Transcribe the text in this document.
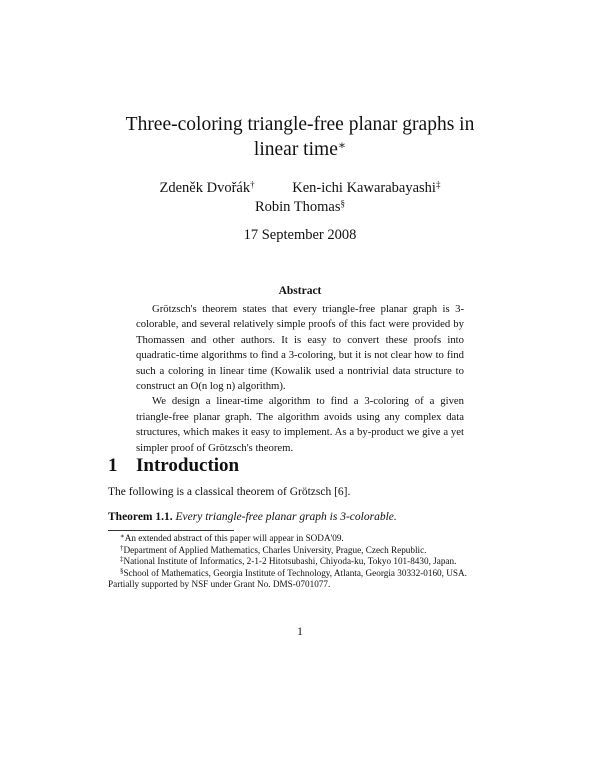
Three-coloring triangle-free planar graphs in
linear time∗
Zdeněk Dvořák†	Ken-ichi Kawarabayashi‡
Robin Thomas§
17 September 2008
Abstract

Grötzsch's theorem states that every triangle-free planar graph is 3-colorable, and several relatively simple proofs of this fact were provided by Thomassen and other authors. It is easy to convert these proofs into quadratic-time algorithms to find a 3-coloring, but it is not clear how to find such a coloring in linear time (Kowalik used a nontrivial data structure to construct an O(n log n) algorithm).

We design a linear-time algorithm to find a 3-coloring of a given triangle-free planar graph. The algorithm avoids using any complex data structures, which makes it easy to implement. As a by-product we give a yet simpler proof of Grötzsch's theorem.

1 Introduction
The following is a classical theorem of Grötzsch [6].
Theorem 1.1. Every triangle-free planar graph is 3-colorable.

∗An extended abstract of this paper will appear in SODA'09.

†Department of Applied Mathematics, Charles University, Prague, Czech Republic.

‡National Institute of Informatics, 2-1-2 Hitotsubashi, Chiyoda-ku, Tokyo 101-8430, Japan.

§School of Mathematics, Georgia Institute of Technology, Atlanta, Georgia 30332-0160, USA. Partially supported by NSF under Grant No. DMS-0701077.

1
